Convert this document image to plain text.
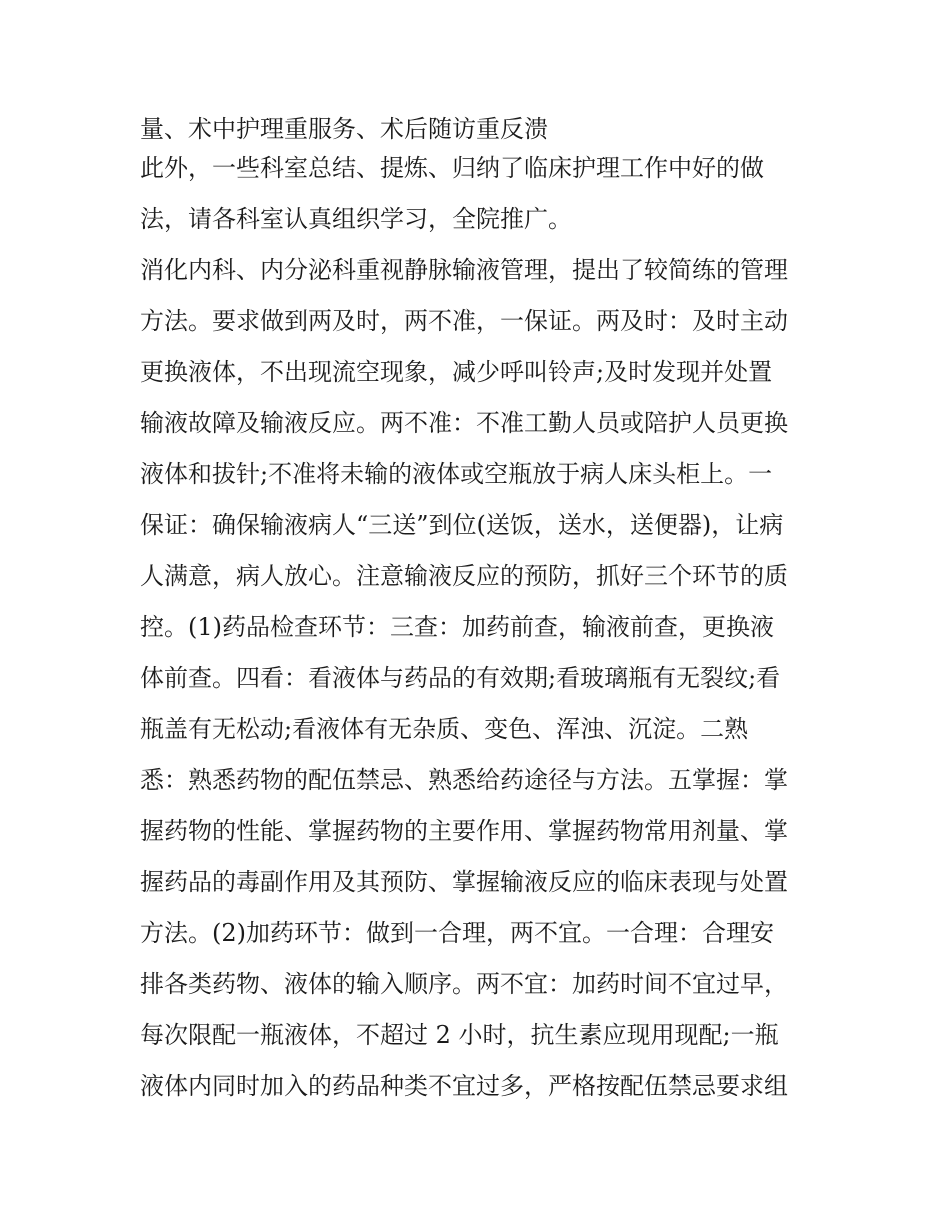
量、术中护理重服务、术后随访重反溃
此外，一些科室总结、提炼、归纳了临床护理工作中好的做
法，请各科室认真组织学习，全院推广。
消化内科、内分泌科重视静脉输液管理，提出了较简练的管理
方法。要求做到两及时，两不准，一保证。两及时：及时主动
更换液体，不出现流空现象，减少呼叫铃声;及时发现并处置
输液故障及输液反应。两不准：不准工勤人员或陪护人员更换
液体和拔针;不准将未输的液体或空瓶放于病人床头柜上。一
保证：确保输液病人“三送”到位(送饭，送水，送便器)，让病
人满意，病人放心。注意输液反应的预防，抓好三个环节的质
控。(1)药品检查环节：三查：加药前查，输液前查，更换液
体前查。四看：看液体与药品的有效期;看玻璃瓶有无裂纹;看
瓶盖有无松动;看液体有无杂质、变色、浑浊、沉淀。二熟
悉：熟悉药物的配伍禁忌、熟悉给药途径与方法。五掌握：掌
握药物的性能、掌握药物的主要作用、掌握药物常用剂量、掌
握药品的毒副作用及其预防、掌握输液反应的临床表现与处置
方法。(2)加药环节：做到一合理，两不宜。一合理：合理安
排各类药物、液体的输入顺序。两不宜：加药时间不宜过早，
每次限配一瓶液体，不超过 2 小时，抗生素应现用现配;一瓶
液体内同时加入的药品种类不宜过多，严格按配伍禁忌要求组
